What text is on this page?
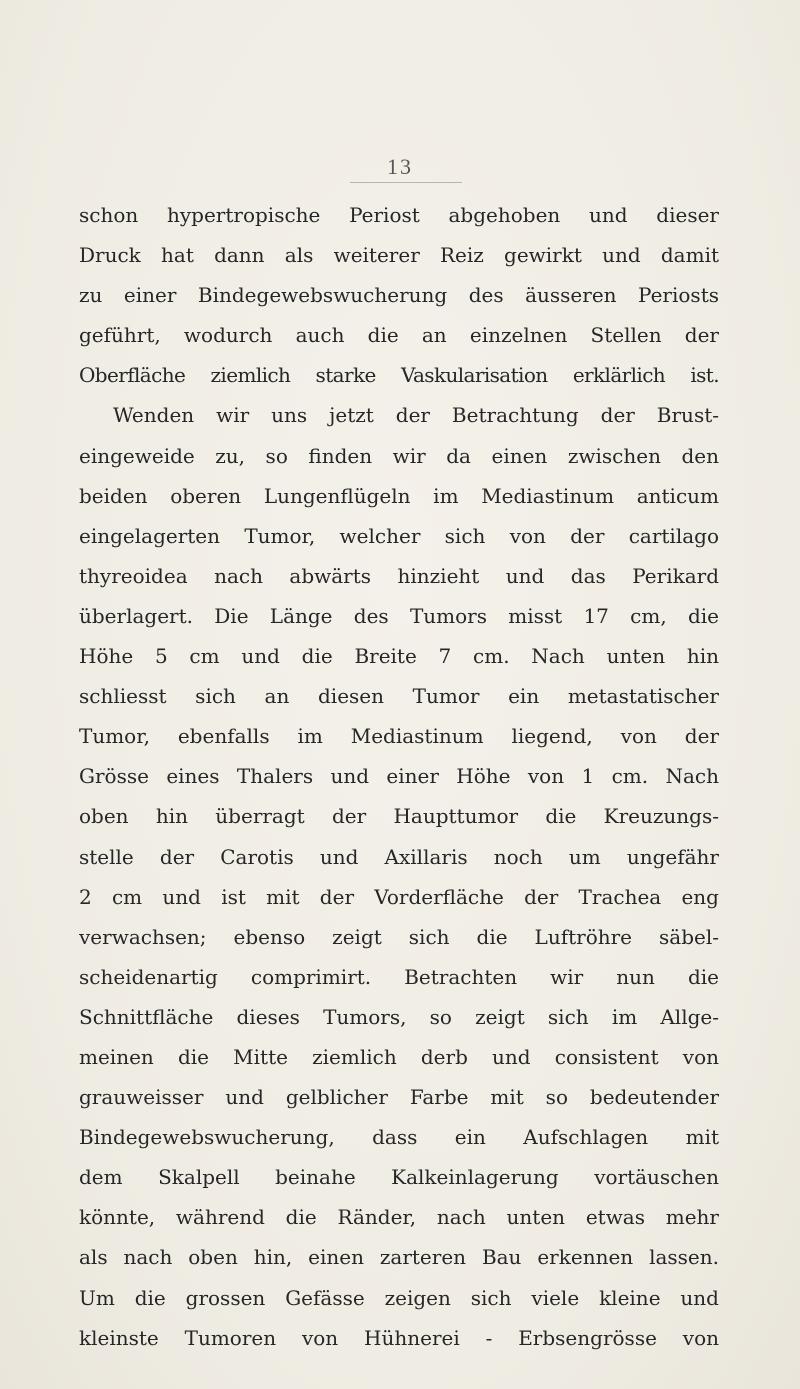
13
schon hypertropische Periost abgehoben und dieser
Druck hat dann als weiterer Reiz gewirkt und damit
zu einer Bindegewebswucherung des äusseren Periosts
geführt, wodurch auch die an einzelnen Stellen der
Oberfläche ziemlich starke Vaskularisation erklärlich ist.
Wenden wir uns jetzt der Betrachtung der Brust-
eingeweide zu, so finden wir da einen zwischen den
beiden oberen Lungenflügeln im Mediastinum anticum
eingelagerten Tumor, welcher sich von der cartilago
thyreoidea nach abwärts hinzieht und das Perikard
überlagert. Die Länge des Tumors misst 17 cm, die
Höhe 5 cm und die Breite 7 cm. Nach unten hin
schliesst sich an diesen Tumor ein metastatischer
Tumor, ebenfalls im Mediastinum liegend, von der
Grösse eines Thalers und einer Höhe von 1 cm. Nach
oben hin überragt der Haupttumor die Kreuzungs-
stelle der Carotis und Axillaris noch um ungefähr
2 cm und ist mit der Vorderfläche der Trachea eng
verwachsen; ebenso zeigt sich die Luftröhre säbel-
scheidenartig comprimirt. Betrachten wir nun die
Schnittfläche dieses Tumors, so zeigt sich im Allge-
meinen die Mitte ziemlich derb und consistent von
grauweisser und gelblicher Farbe mit so bedeutender
Bindegewebswucherung, dass ein Aufschlagen mit
dem Skalpell beinahe Kalkeinlagerung vortäuschen
könnte, während die Ränder, nach unten etwas mehr
als nach oben hin, einen zarteren Bau erkennen lassen.
Um die grossen Gefässe zeigen sich viele kleine und
kleinste Tumoren von Hühnerei - Erbsengrösse von
